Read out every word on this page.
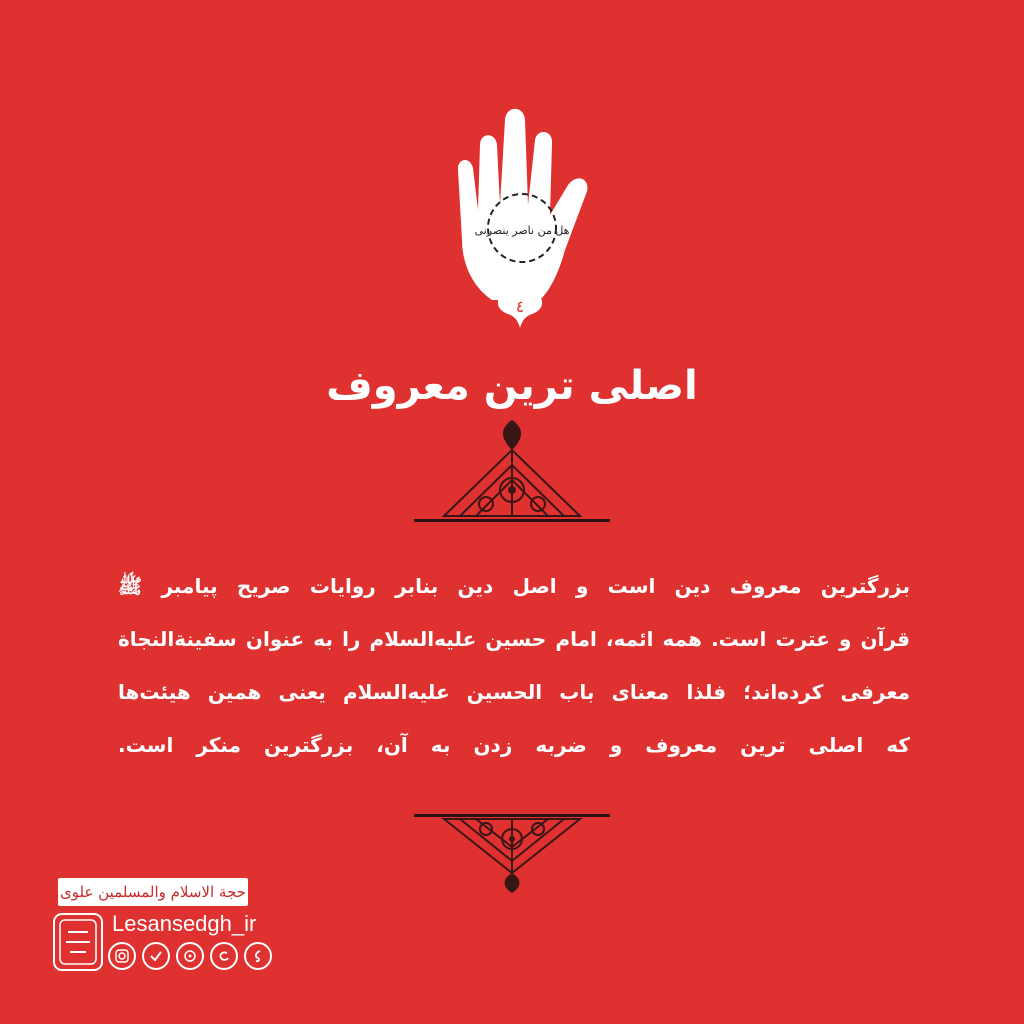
٤
هل من ناصر ینصرنی
اصلی ترین معروف

بزرگترین معروف دین است و اصل دین بنابر روایات صریح پیامبر ﷺ
قرآن و عترت است. همه ائمه، امام حسین علیه‌السلام را به عنوان سفینة‌النجاة
معرفی کرده‌اند؛ فلذا معنای باب الحسین علیه‌السلام یعنی همین هیئت‌ها
که اصلی ترین معروف و ضربه زدن به آن، بزرگترین منکر است.

حجة الاسلام والمسلمین علوی
Lesansedgh_ir
